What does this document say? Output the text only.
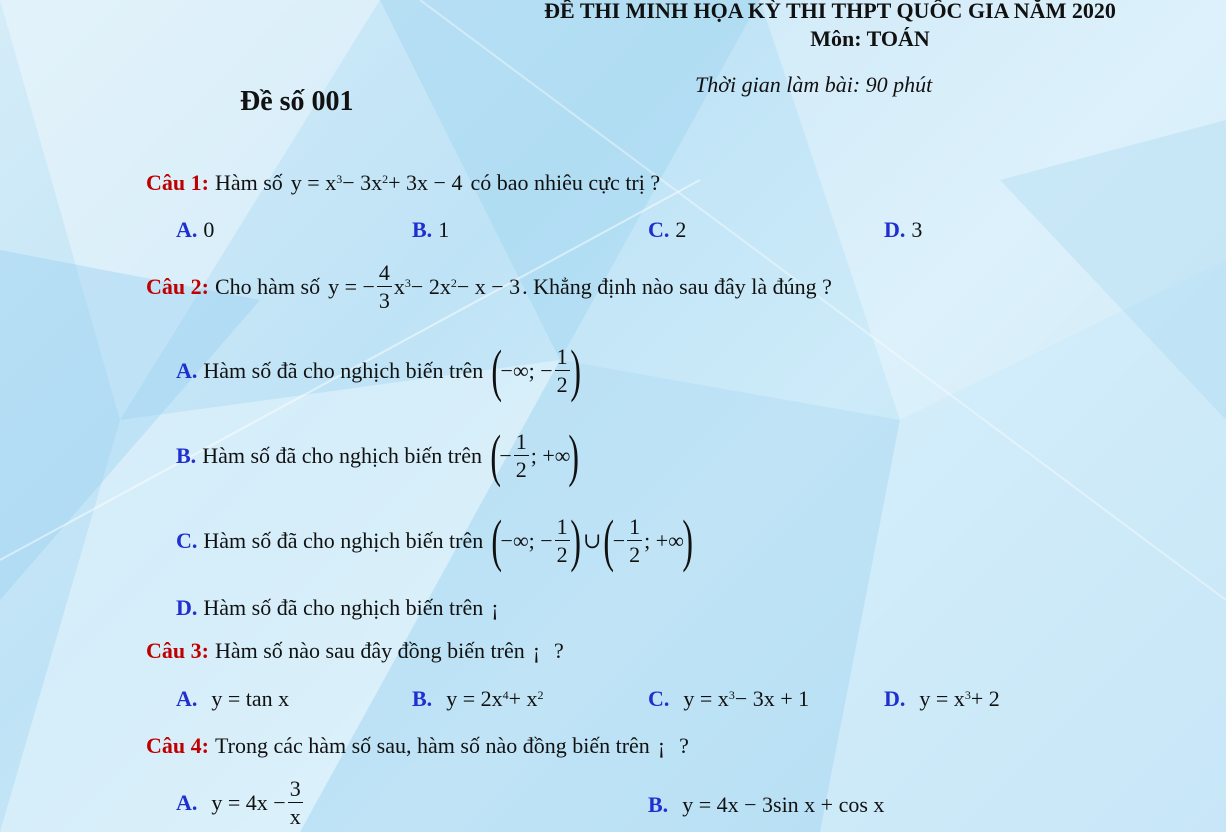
ĐỀ THI MINH HỌA KỲ THI THPT QUỐC GIA NĂM 2020
Môn: TOÁN
Thời gian làm bài: 90 phút
Đề số 001
Câu 1: Hàm số $y = x^3 - 3x^2 + 3x - 4$ có bao nhiêu cực trị ?
A. 0	B. 1	C. 2	D. 3
Câu 2: Cho hàm số y = − $\frac{4}{3} x^3 - 2x^2 - x - 3$ . Khẳng định nào sau đây là đúng ?
A. Hàm số đã cho nghịch biến trên (
−∞; − $\frac{1}{2}$ )
B. Hàm số đã cho nghịch biến trên (
− $\frac{1}{2}$ ; +∞
)
C. Hàm số đã cho nghịch biến trên (
−∞; − $\frac{1}{2}$ ) ∪ (
− $\frac{1}{2}$ ; +∞
)
D. Hàm số đã cho nghịch biến trên ¡
Câu 3: Hàm số nào sau đây đồng biến trên ¡ ?
A. y = tan x	B. $y = 2x^4 + x^2$	C. $y = x^3 - 3x + 1$	D. $y = x^3 + 2$
Câu 4: Trong các hàm số sau, hàm số nào đồng biến trên ¡ ?
A. $y = 4x - \frac{3}{x}$	B. y = 4x − 3sin x + cos x
